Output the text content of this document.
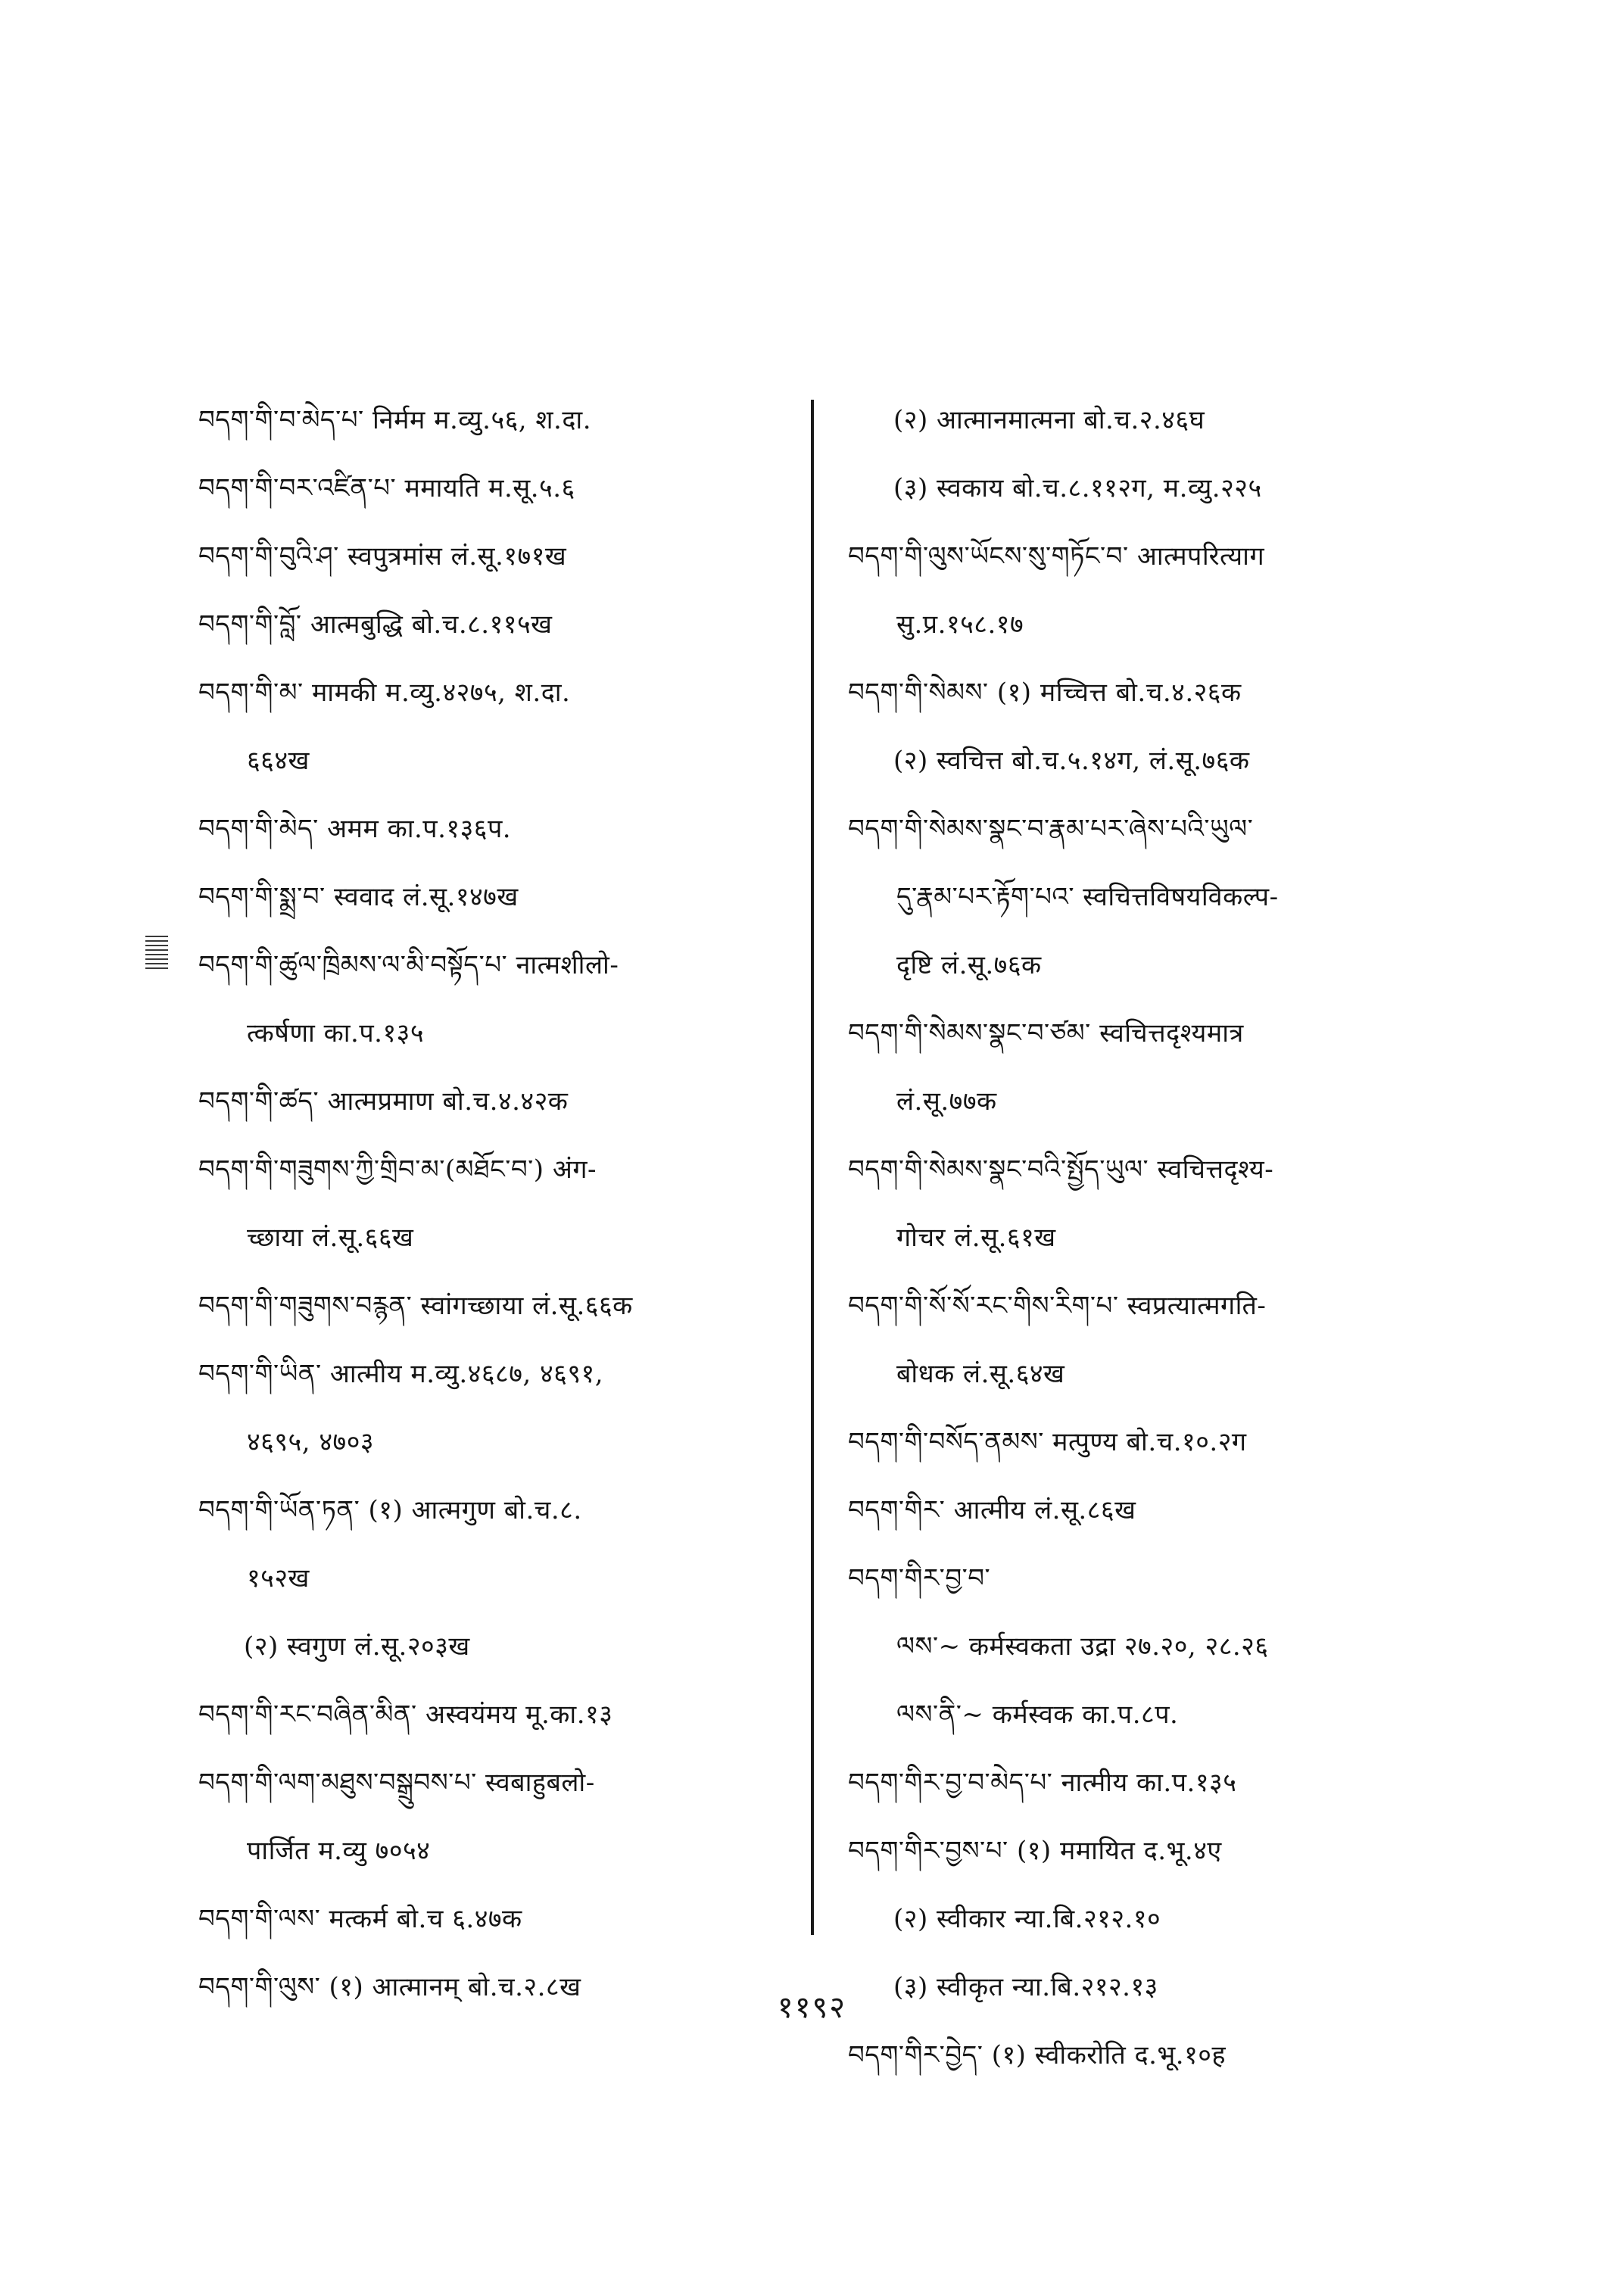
བདག་གི་བ་མེད་པ་ निर्मम म.व्यु.५६, श.दा.
བདག་གི་བར་འཛིན་པ་ ममायति म.सू.५.६
བདག་གི་བུའི་ཤ་ स्वपुत्रमांस लं.सू.१७१ख
བདག་གི་བློ་ आत्मबुद्धि बो.च.८.११५ख
བདག་གི་མ་ मामकी म.व्यु.४२७५, श.दा.
६६४ख
བདག་གི་མེད་ अमम का.प.१३६प.
བདག་གི་སྨྲ་བ་ स्ववाद लं.सू.१४७ख
བདག་གི་ཚུལ་ཁྲིམས་ལ་མི་བསྟོད་པ་ नात्मशीलो-
त्कर्षणा का.प.१३५
བདག་གི་ཚད་ आत्मप्रमाण बो.च.४.४२क
བདག་གི་གཟུགས་ཀྱི་གྲིབ་མ་(མཐོང་བ་) अंग-
च्छाया लं.सू.६६ख
བདག་གི་གཟུགས་བརྙན་ स्वांगच्छाया लं.सू.६६क
བདག་གི་ཡིན་ आत्मीय म.व्यु.४६८७, ४६९१,
४६९५, ४७०३
བདག་གི་ཡོན་ཏན་ (१) आत्मगुण बो.च.८.
१५२ख
(२) स्वगुण लं.सू.२०३ख
བདག་གི་རང་བཞིན་མིན་ अस्वयंमय मू.का.१३
བདག་གི་ལག་མཐུས་བསྒྲུབས་པ་ स्वबाहुबलो-
पार्जित म.व्यु ७०५४
བདག་གི་ལས་ मत्कर्म बो.च ६.४७क
བདག་གི་ལུས་ (१) आत्मानम् बो.च.२.८ख
(२) आत्मानमात्मना बो.च.२.४६घ
(३) स्वकाय बो.च.८.११२ग, म.व्यु.२२५
བདག་གི་ལུས་ཡོངས་སུ་གཏོང་བ་ आत्मपरित्याग
सु.प्र.१५८.१७
བདག་གི་སེམས་ (१) मच्चित्त बो.च.४.२६क
(२) स्वचित्त बो.च.५.१४ग, लं.सू.७६क
བདག་གི་སེམས་སྣང་བ་རྣམ་པར་ཞེས་པའི་ཡུལ་
དུ་རྣམ་པར་རྟོག་པའ་ स्वचित्तविषयविकल्प-
दृष्टि लं.सू.७६क
བདག་གི་སེམས་སྣང་བ་ཙམ་ स्वचित्तदृश्यमात्र
लं.सू.७७क
བདག་གི་སེམས་སྣང་བའི་སྤྱོད་ཡུལ་ स्वचित्तदृश्य-
गोचर लं.सू.६१ख
བདག་གི་སོ་སོ་རང་གིས་རིག་པ་ स्वप्रत्यात्मगति-
बोधक लं.सू.६४ख
བདག་གི་བསོད་ནམས་ मत्पुण्य बो.च.१०.२ग
བདག་གིར་ आत्मीय लं.सू.८६ख
བདག་གིར་བྱ་བ་
ལས་~ कर्मस्वकता उद्रा २७.२०, २८.२६
ལས་ནི་~ कर्मस्वक का.प.८प.
བདག་གིར་བྱ་བ་མེད་པ་ नात्मीय का.प.१३५
བདག་གིར་བྱས་པ་ (१) ममायित द.भू.४ए
(२) स्वीकार न्या.बि.२१२.१०
(३) स्वीकृत न्या.बि.२१२.१३
བདག་གིར་བྱེད་ (१) स्वीकरोति द.भू.१०ह
११९२
